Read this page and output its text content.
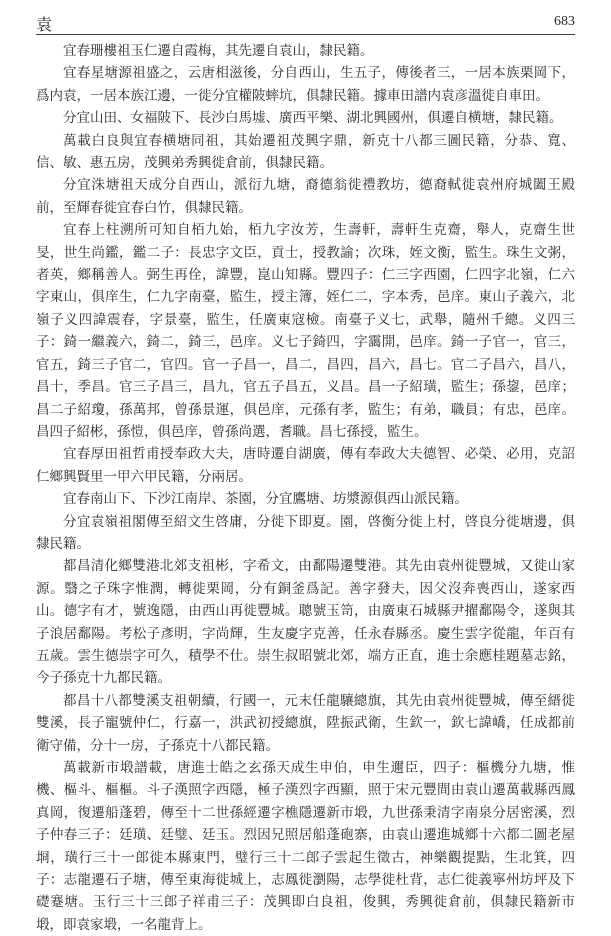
袁	683

宜春珊樓祖玉仁遷自霞梅，其先遷自袁山，隸民籍。

宜春星塘源祖盛之，云唐相滋後，分自西山，生五子，傳後者三，一居本族栗岡下，爲内袁，一居本族江邊，一徙分宜權陂蟀坑，俱隸民籍。據車田譜内袁彦溫徙自車田。

分宜山田、女福陂下、長沙白馬墟、廣西平樂、湖北興國州，俱遷自横塘，隸民籍。

萬載白良與宜春横塘同祖，其始遷祖茂興字鼎，新克十八都三圖民籍，分恭、寬、信、敏、惠五房，茂興弟秀興徙倉前，俱隸民籍。

分宜洙塘祖天成分自西山，派衍九塘，裔德翁徙禮教坊，德裔軾徙袁州府城闔王殿前，至輝春徙宜春白竹，俱隸民籍。

宜春上柱溯所可知自栢九始，栢九字汝芳，生壽軒，壽軒生克齋，舉人，克齋生世旻，世生尚鑑，鑑二子：長忠字文臣，貢士，授教諭；次珠，姪文衡，監生。珠生文粥，者英，鄉稱善人。弼生再佺，諱豐，崑山知縣。豐四子：仁三字西園，仁四字北嶺，仁六字東山，俱庠生，仁九字南臺，監生，授主簿，姪仁二，字本秀，邑庠。東山子義六，北嶺子义四諱震春，字景臺，監生，任廣東寇檢。南臺子义七，武舉，隨州千總。义四三子：錡一繼義六，錡二，錡三，邑庠。义七子錡四，字靄開，邑庠。錡一子官一，官三，官五，錡三子官二，官四。官一子昌一，昌二，昌四，昌六，昌七。官二子昌六，昌八，昌十，季昌。官三子昌三，昌九，官五子昌五，义昌。昌一子紹璜，監生；孫鋆，邑庠；昌二子紹瓊，孫萬邦，曾孫景運，俱邑庠，元孫有孝，監生；有弟，職員；有忠，邑庠。昌四子紹彬，孫愷，俱邑庠，曾孫尚選，耆職。昌七孫授，監生。

宜春厚田祖哲甫授奉政大夫，唐時遷自湖廣，傳有奉政大夫德智、必榮、必用，克詔仁鄉興賢里一甲六甲民籍，分兩居。

宜春南山下、下沙江南岸、茶園，分宜鷹塘、坊漿源俱西山派民籍。

分宜袁嶺祖閣傳至紹文生啓庸，分徙下即夏。園，啓衡分徙上村，啓良分徙塘邊，俱隸民籍。

都昌清化鄉雙港北郊支祖彬，字希文，由鄱陽遷雙港。其先由袁州徙豐城，又徙山家源。翳之子珠字惟潤，轉徙栗岡，分有銅釜爲記。善字發夫，因父沒奔喪西山，遂家西山。德字有才，號逸隱，由西山再徙豐城。聰號玉笥，由廣東石城縣尹擢鄱陽令，遂與其子浪居鄱陽。考松子彥明，字尚輝，生友慶字克善，任永春縣丞。慶生雲字從龍，年百有五歲。雲生德崇字可久，積學不仕。崇生叔昭號北郊，端方正直，進士余應桂題墓志銘，今子孫克十九都民籍。

都昌十八都雙溪支祖朝續，行國一，元末任龍驤總旗，其先由袁州徙豐城，傳至縉徙雙溪，長子寵號仲仁，行嘉一，洪武初授總旗，陞振武衛，生欽一，欽七諱嶠，任成都前衛守備，分十一房，子孫克十八都民籍。

萬載新市塅譜載，唐進士皓之玄孫天成生申伯，申生邇臣，四子：樞機分九塘，惟機、樞斗、樞樞。斗子漢照字西隱，極子漢烈字西顯，照于宋元豐間由袁山遷萬載縣西鳳真岡，復遷船蓬碧，傳至十二世孫經遷字樵隱遷新市塅，九世孫秉清字南泉分居密溪，烈子仲春三子：廷璜、廷璧、廷玉。烈因兄照居船蓬砲寨，由袁山遷進城鄉十六都二圖老屋埛，璜行三十一郎徙本縣東門，璧行三十二郎子雲起生徵古，神樂觀提點，生北箕，四子：志龍遷石子塘，傳至東海徙城上，志鳳徙瀏陽，志學徙杜背，志仁徙義寧州坊坪及下礎蹇塘。玉行三十三郎子祥甫三子：茂興即白良祖，俊興，秀興徙倉前，俱隸民籍新市塅，即袁家塅，一名龍背上。
